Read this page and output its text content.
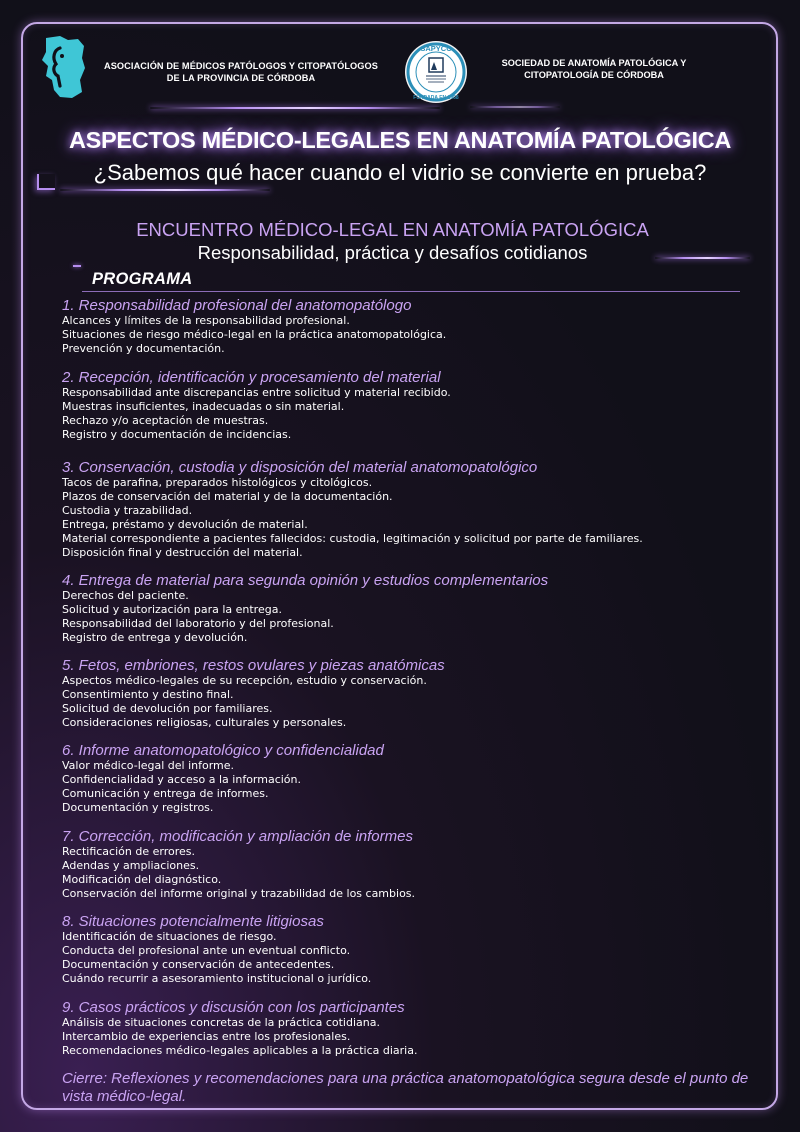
ASOCIACIÓN DE MÉDICOS PATÓLOGOS Y CITOPATÓLOGOS
DE LA PROVINCIA DE CÓRDOBA
SAPYCC
FUNDADA EN 1968
SOCIEDAD DE ANATOMÍA PATOLÓGICA Y
CITOPATOLOGÍA DE CÓRDOBA
ASPECTOS MÉDICO-LEGALES EN ANATOMÍA PATOLÓGICA
¿Sabemos qué hacer cuando el vidrio se convierte en prueba?
ENCUENTRO MÉDICO-LEGAL EN ANATOMÍA PATOLÓGICA
Responsabilidad, práctica y desafíos cotidianos
PROGRAMA
1. Responsabilidad profesional del anatomopatólogo
Alcances y límites de la responsabilidad profesional.
Situaciones de riesgo médico-legal en la práctica anatomopatológica.
Prevención y documentación.
2. Recepción, identificación y procesamiento del material
Responsabilidad ante discrepancias entre solicitud y material recibido.
Muestras insuficientes, inadecuadas o sin material.
Rechazo y/o aceptación de muestras.
Registro y documentación de incidencias.
3. Conservación, custodia y disposición del material anatomopatológico
Tacos de parafina, preparados histológicos y citológicos.
Plazos de conservación del material y de la documentación.
Custodia y trazabilidad.
Entrega, préstamo y devolución de material.
Material correspondiente a pacientes fallecidos: custodia, legitimación y solicitud por parte de familiares.
Disposición final y destrucción del material.
4. Entrega de material para segunda opinión y estudios complementarios
Derechos del paciente.
Solicitud y autorización para la entrega.
Responsabilidad del laboratorio y del profesional.
Registro de entrega y devolución.
5. Fetos, embriones, restos ovulares y piezas anatómicas
Aspectos médico-legales de su recepción, estudio y conservación.
Consentimiento y destino final.
Solicitud de devolución por familiares.
Consideraciones religiosas, culturales y personales.
6. Informe anatomopatológico y confidencialidad
Valor médico-legal del informe.
Confidencialidad y acceso a la información.
Comunicación y entrega de informes.
Documentación y registros.
7. Corrección, modificación y ampliación de informes
Rectificación de errores.
Adendas y ampliaciones.
Modificación del diagnóstico.
Conservación del informe original y trazabilidad de los cambios.
8. Situaciones potencialmente litigiosas
Identificación de situaciones de riesgo.
Conducta del profesional ante un eventual conflicto.
Documentación y conservación de antecedentes.
Cuándo recurrir a asesoramiento institucional o jurídico.
9. Casos prácticos y discusión con los participantes
Análisis de situaciones concretas de la práctica cotidiana.
Intercambio de experiencias entre los profesionales.
Recomendaciones médico-legales aplicables a la práctica diaria.
Cierre: Reflexiones y recomendaciones para una práctica anatomopatológica segura desde el punto de vista médico-legal.
